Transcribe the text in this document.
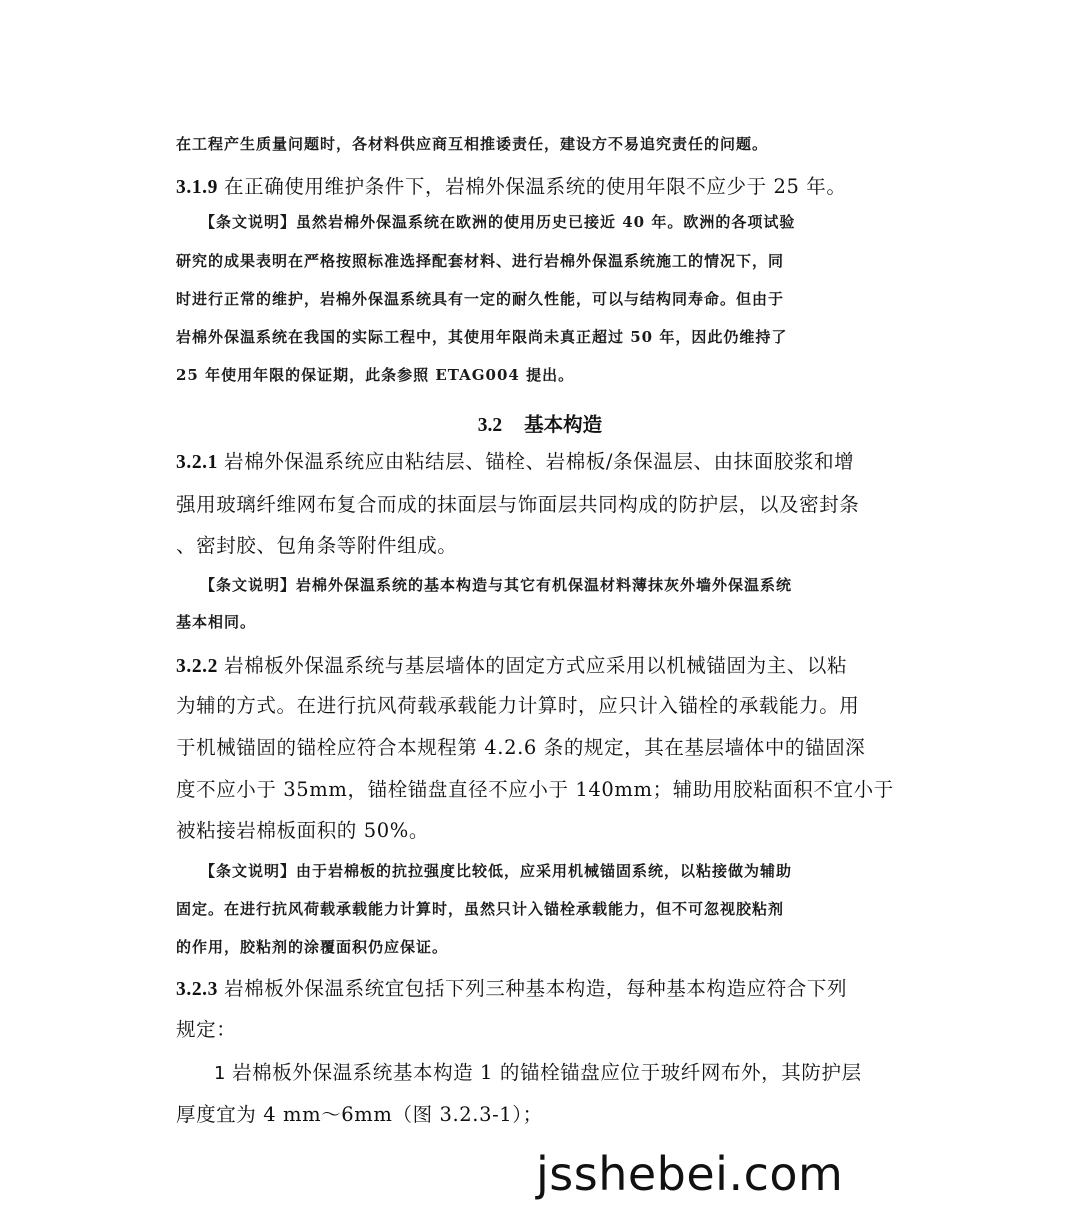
在工程产生质量问题时，各材料供应商互相推诿责任，建设方不易追究责任的问题。
3.1.9 在正确使用维护条件下，岩棉外保温系统的使用年限不应少于 25 年。
【条文说明】虽然岩棉外保温系统在欧洲的使用历史已接近 40 年。欧洲的各项试验
研究的成果表明在严格按照标准选择配套材料、进行岩棉外保温系统施工的情况下，同
时进行正常的维护，岩棉外保温系统具有一定的耐久性能，可以与结构同寿命。但由于
岩棉外保温系统在我国的实际工程中，其使用年限尚未真正超过 50 年，因此仍维持了
25 年使用年限的保证期，此条参照 ETAG004 提出。
3.2 基本构造
3.2.1 岩棉外保温系统应由粘结层、锚栓、岩棉板/条保温层、由抹面胶浆和增
强用玻璃纤维网布复合而成的抹面层与饰面层共同构成的防护层，以及密封条
、密封胶、包角条等附件组成。
【条文说明】岩棉外保温系统的基本构造与其它有机保温材料薄抹灰外墙外保温系统
基本相同。
3.2.2 岩棉板外保温系统与基层墙体的固定方式应采用以机械锚固为主、以粘
为辅的方式。在进行抗风荷载承载能力计算时，应只计入锚栓的承载能力。用
于机械锚固的锚栓应符合本规程第 4.2.6 条的规定，其在基层墙体中的锚固深
度不应小于 35mm，锚栓锚盘直径不应小于 140mm；辅助用胶粘面积不宜小于
被粘接岩棉板面积的 50%。
【条文说明】由于岩棉板的抗拉强度比较低，应采用机械锚固系统，以粘接做为辅助
固定。在进行抗风荷载承载能力计算时，虽然只计入锚栓承载能力，但不可忽视胶粘剂
的作用，胶粘剂的涂覆面积仍应保证。
3.2.3 岩棉板外保温系统宜包括下列三种基本构造，每种基本构造应符合下列
规定：
1 岩棉板外保温系统基本构造 1 的锚栓锚盘应位于玻纤网布外，其防护层
厚度宜为 4 mm～6mm（图 3.2.3-1）；
jsshebei.com
